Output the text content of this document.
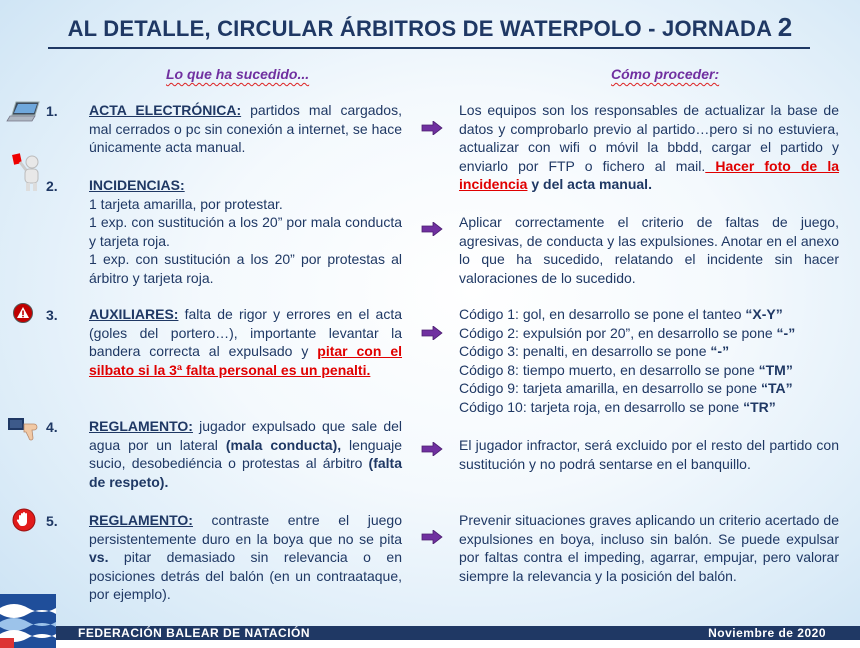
AL DETALLE, CIRCULAR ÁRBITROS DE WATERPOLO - JORNADA 2
Lo que ha sucedido...	Cómo proceder:
1.
2.
3.
4.
5.
ACTA ELECTRÓNICA: partidos mal cargados, mal cerrados o pc sin conexión a internet, se hace únicamente acta manual.

INCIDENCIAS:

1 tarjeta amarilla, por protestar.

1 exp. con sustitución a los 20” por mala conducta y tarjeta roja.

1 exp. con sustitución a los 20” por protestas al árbitro y tarjeta roja.

AUXILIARES: falta de rigor y errores en el acta (goles del portero…), importante levantar la bandera correcta al expulsado y pitar con el silbato si la 3ª falta personal es un penalti.
REGLAMENTO: jugador expulsado que sale del agua por un lateral (mala conducta), lenguaje sucio, desobediéncia o protestas al árbitro (falta de respeto).
REGLAMENTO: contraste entre el juego persistentemente duro en la boya que no se pita vs. pitar demasiado sin relevancia o en posiciones detrás del balón (en un contraataque, por ejemplo).
Los equipos son los responsables de actualizar la base de datos y comprobarlo previo al partido…pero si no estuviera, actualizar con wifi o móvil la bbdd, cargar el partido y enviarlo por FTP o fichero al mail. Hacer foto de la incidencia y del acta manual.
Aplicar correctamente el criterio de faltas de juego, agresivas, de conducta y las expulsiones. Anotar en el anexo lo que ha sucedido, relatando el incidente sin hacer valoraciones de lo sucedido.

Código 1: gol, en desarrollo se pone el tanteo “X-Y”

Código 2: expulsión por 20”, en desarrollo se pone “-”

Código 3: penalti, en desarrollo se pone “-”

Código 8: tiempo muerto, en desarrollo se pone “TM”

Código 9: tarjeta amarilla, en desarrollo se pone “TA”

Código 10: tarjeta roja, en desarrollo se pone “TR”

El jugador infractor, será excluido por el resto del partido con sustitución y no podrá sentarse en el banquillo.
Prevenir situaciones graves aplicando un criterio acertado de expulsiones en boya, incluso sin balón. Se puede expulsar por faltas contra el impeding, agarrar, empujar, pero valorar siempre la relevancia y la posición del balón.
FEDERACIÓN BALEAR DE NATACIÓN	Noviembre de 2020
